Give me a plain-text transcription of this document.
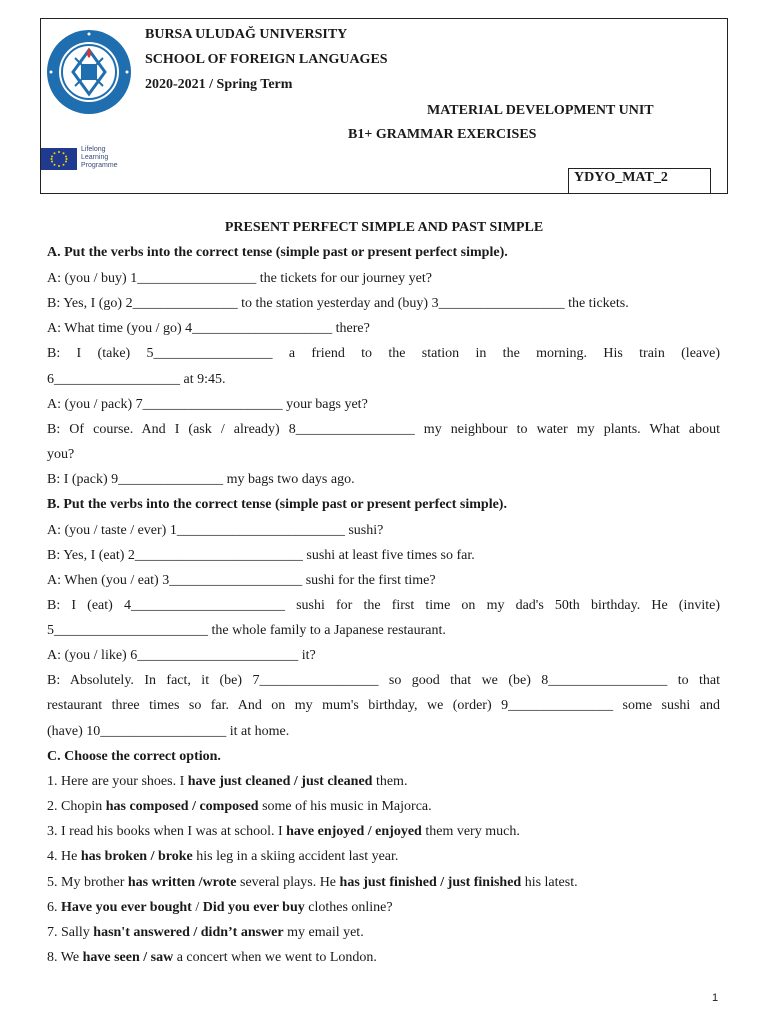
Lifelong
Learning
Programme
BURSA ULUDAĞ UNIVERSITY
SCHOOL OF FOREIGN LANGUAGES
2020-2021 / Spring Term
MATERIAL DEVELOPMENT UNIT
B1+ GRAMMAR EXERCISES
YDYO_MAT_2
PRESENT PERFECT SIMPLE AND PAST SIMPLE
A. Put the verbs into the correct tense (simple past or present perfect simple).
A: (you / buy) 1_________________ the tickets for our journey yet?
B: Yes, I (go) 2_______________ to the station yesterday and (buy) 3__________________ the tickets.
A: What time (you / go) 4____________________ there?
B: I (take) 5_________________ a friend to the station in the morning. His train (leave)
6__________________ at 9:45.
A: (you / pack) 7____________________ your bags yet?
B: Of course. And I (ask / already) 8_________________ my neighbour to water my plants. What about
you?
B: I (pack) 9_______________ my bags two days ago.
B. Put the verbs into the correct tense (simple past or present perfect simple).
A: (you / taste / ever) 1________________________ sushi?
B: Yes, I (eat) 2________________________ sushi at least five times so far.
A: When (you / eat) 3___________________ sushi for the first time?
B: I (eat) 4______________________ sushi for the first time on my dad's 50th birthday. He (invite)
5______________________ the whole family to a Japanese restaurant.
A: (you / like) 6_______________________ it?
B: Absolutely. In fact, it (be) 7_________________ so good that we (be) 8_________________ to that
restaurant three times so far. And on my mum's birthday, we (order) 9_______________ some sushi and
(have) 10__________________ it at home.
C. Choose the correct option.
1. Here are your shoes. I have just cleaned / just cleaned them.
2. Chopin has composed / composed some of his music in Majorca.
3. I read his books when I was at school. I have enjoyed / enjoyed them very much.
4. He has broken / broke his leg in a skiing accident last year.
5. My brother has written /wrote several plays. He has just finished / just finished his latest.
6. Have you ever bought / Did you ever buy clothes online?
7. Sally hasn't answered / didn’t answer my email yet.
8. We have seen / saw a concert when we went to London.
1
